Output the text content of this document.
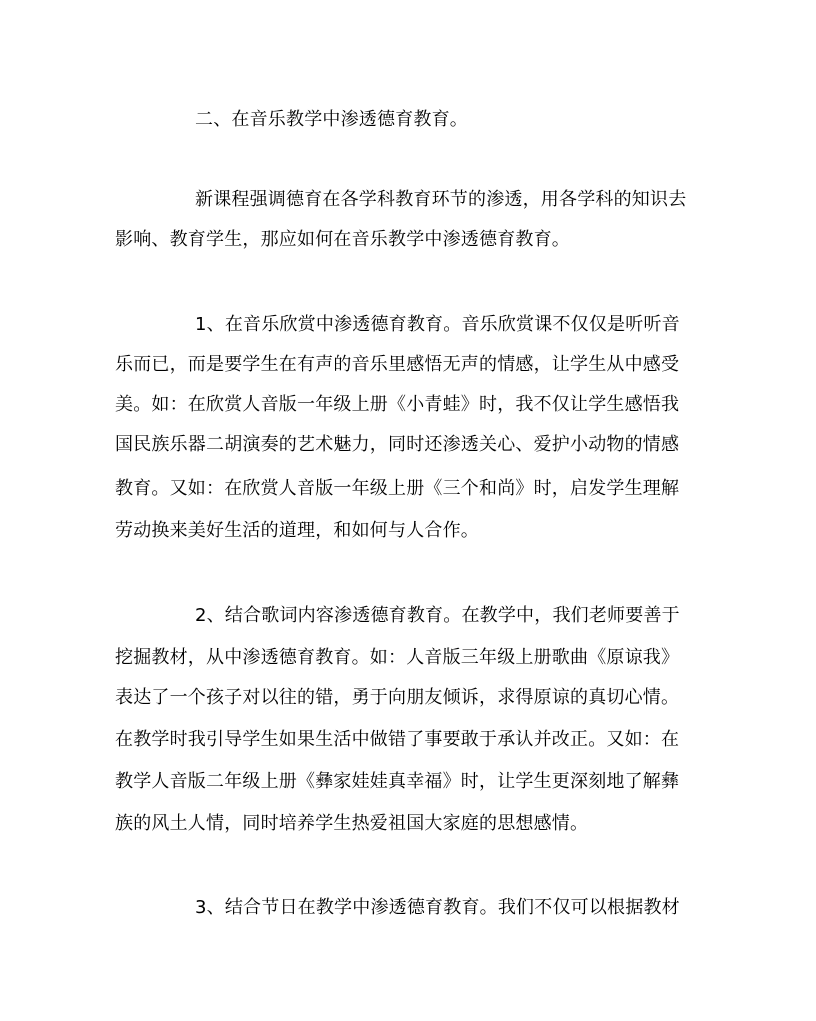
二、在音乐教学中渗透德育教育。
新课程强调德育在各学科教育环节的渗透，用各学科的知识去
影响、教育学生，那应如何在音乐教学中渗透德育教育。
1、在音乐欣赏中渗透德育教育。音乐欣赏课不仅仅是听听音
乐而已，而是要学生在有声的音乐里感悟无声的情感，让学生从中感受
美。如：在欣赏人音版一年级上册《小青蛙》时，我不仅让学生感悟我
国民族乐器二胡演奏的艺术魅力，同时还渗透关心、爱护小动物的情感
教育。又如：在欣赏人音版一年级上册《三个和尚》时，启发学生理解
劳动换来美好生活的道理，和如何与人合作。
2、结合歌词内容渗透德育教育。在教学中，我们老师要善于
挖掘教材，从中渗透德育教育。如：人音版三年级上册歌曲《原谅我》
表达了一个孩子对以往的错，勇于向朋友倾诉，求得原谅的真切心情。
在教学时我引导学生如果生活中做错了事要敢于承认并改正。又如：在
教学人音版二年级上册《彝家娃娃真幸福》时，让学生更深刻地了解彝
族的风土人情，同时培养学生热爱祖国大家庭的思想感情。
3、结合节日在教学中渗透德育教育。我们不仅可以根据教材
